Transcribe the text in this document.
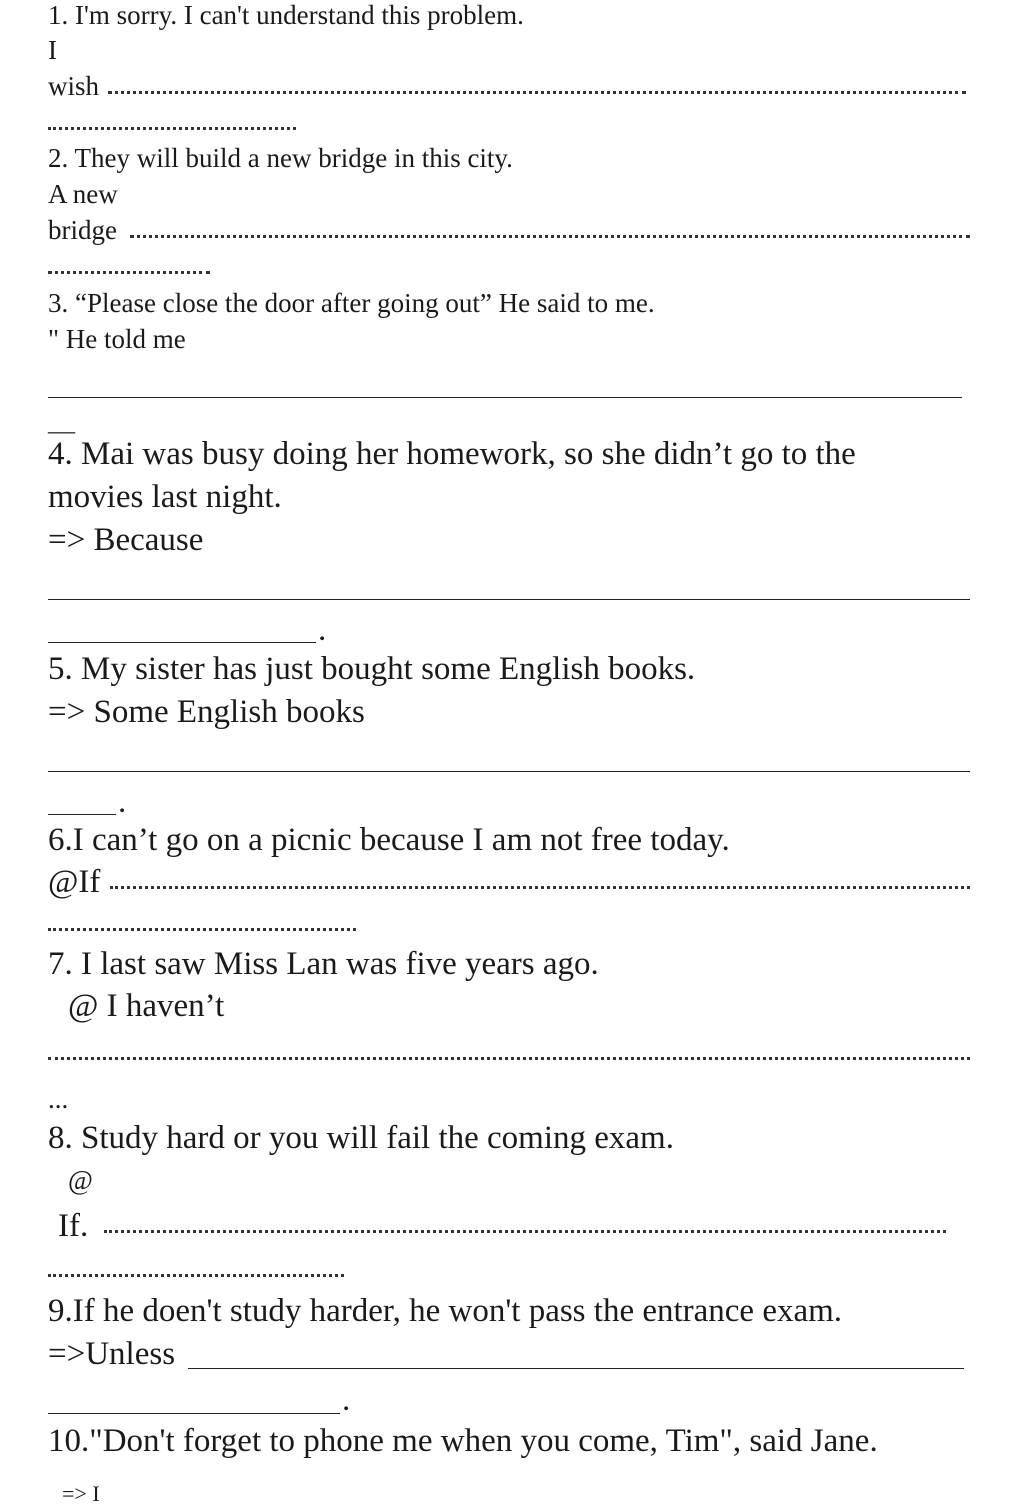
1. I'm sorry. I can't understand this problem.
I
wish
2. They will build a new bridge in this city.
A new
bridge
3. “Please close the door after going out” He said to me.
" He told me
__
4. Mai was busy doing her homework, so she didn’t go to the
movies last night.
=> Because
.
5. My sister has just bought some English books.
=> Some English books
.
6.I can’t go on a picnic because I am not free today.
@If
7. I last saw Miss Lan was five years ago.
@ I haven’t
...
8. Study hard or you will fail the coming exam.
@
If.
9.If he doen't study harder, he won't pass the entrance exam.
=>Unless
.
10."Don't forget to phone me when you come, Tim", said Jane.
=> I
